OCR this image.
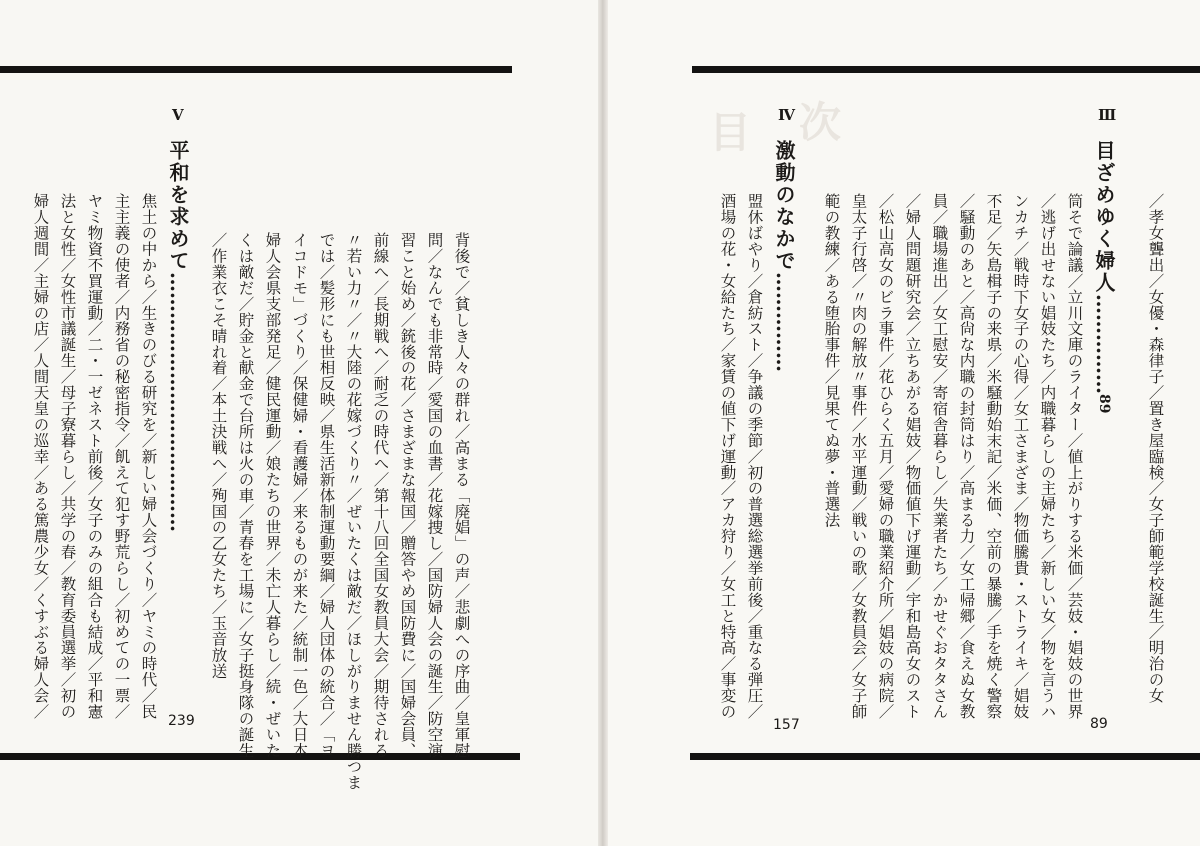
目 次
／孝女聾出／女優・森律子／置き屋臨検／女子師範学校誕生／明治の女
Ⅲ
目ざめゆく婦人……………89
筒そで論議／立川文庫のライター／値上がりする米価／芸妓・娼妓の世界
／逃げ出せない娼妓たち／内職暮らしの主婦たち／新しい女／物を言うハ
ンカチ／戦時下女子の心得／女工さまざま／物価騰貴・ストライキ／娼妓
不足／矢島楫子の来県／米騒動始末記／米価、空前の暴騰／手を焼く警察
／騒動のあと／高尙な内職の封筒はり／高まる力／女工帰郷／食えぬ女教
員／職場進出／女工慰安／寄宿舎暮らし／失業者たち／かせぐおタタさん
／婦人問題研究会／立ちあがる娼妓／物価値下げ運動／宇和島高女のスト
／松山高女のビラ事件／花ひらく五月／愛婦の職業紹介所／娼妓の病院／
皇太子行啓／〃肉の解放〃事件／水平運動／戦いの歌／女教員会／女子師
範の教練／ある堕胎事件／見果てぬ夢・普選法
89
Ⅳ
激動のなかで……………
盟休ばやり／倉紡スト／争議の季節／初の普選総選挙前後／重なる弾圧／
酒場の花・女給たち／家賃の値下げ運動／アカ狩り／女工と特高／事変の
157
背後で／貧しき人々の群れ／高まる「廃娼」の声／悲劇への序曲／皇軍慰
問／なんでも非常時／愛国の血書／花嫁捜し／国防婦人会の誕生／防空演
習こと始め／銃後の花／さまざまな報国／贈答やめ国防費に／国婦会員、
前線へ／長期戦へ／耐乏の時代へ／第十八回全国女教員大会／期待される
〃若い力〃／〃大陸の花嫁づくり〃／ぜいたくは敵だ／ほしがりません勝つま
では／髪形にも世相反映／県生活新体制運動要綱／婦人団体の統合／「ヨ
イコドモ」づくり／保健婦・看護婦／来るものが来た／統制一色／大日本
婦人会県支部発足／健民運動／娘たちの世界／未亡人暮らし／続・ぜいた
くは敵だ／貯金と献金で台所は火の車／青春を工場に／女子挺身隊の誕生
／作業衣こそ晴れ着／本土決戦へ／殉国の乙女たち／玉音放送
Ⅴ
平和を求めて…………………………………
焦土の中から／生きのびる研究を／新しい婦人会づくり／ヤミの時代／民
主主義の使者／内務省の秘密指令／飢えて犯す野荒らし／初めての一票／
ヤミ物資不買運動／二・一ゼネスト前後／女子のみの組合も結成／平和憲
法と女性／女性市議誕生／母子寮暮らし／共学の春／教育委員選挙／初の
婦人週間／主婦の店／人間天皇の巡幸／ある篤農少女／くすぶる婦人会／
239
